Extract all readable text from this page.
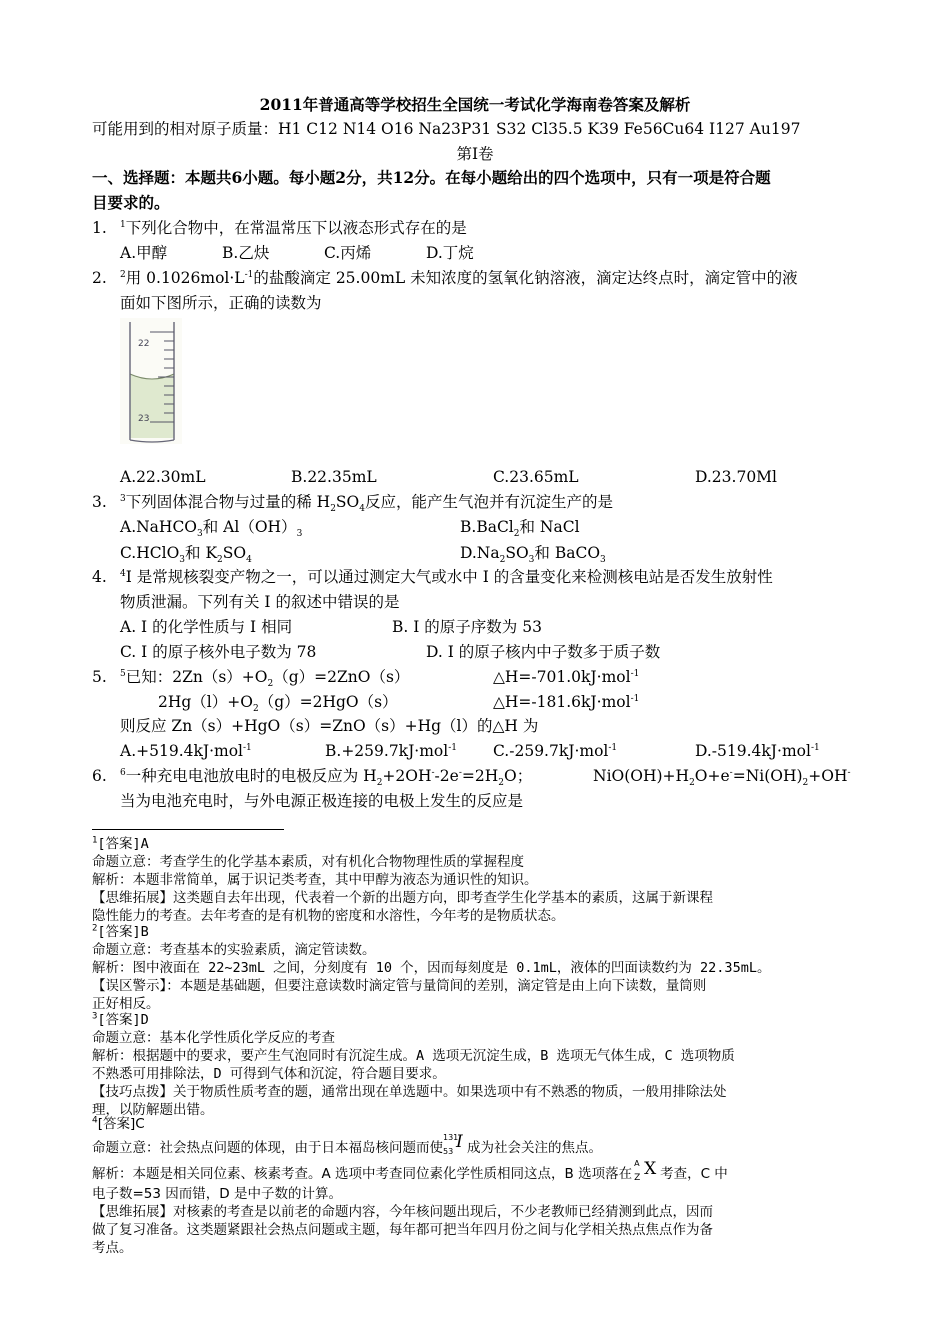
2011年普通高等学校招生全国统一考试化学海南卷答案及解析
可能用到的相对原子质量：H1 C12 N14 O16 Na23P31 S32 Cl35.5 K39 Fe56Cu64 I127 Au197
第I卷
一、选择题：本题共6小题。每小题2分，共12分。在每小题给出的四个选项中，只有一项是符合题
目要求的。
1. $^1$下列化合物中，在常温常压下以液态形式存在的是
A.甲醇	B.乙炔	C.丙烯	D.丁烷
2. $^2$用 $0.1026mol\cdot L^{-1}$的盐酸滴定 25.00mL 未知浓度的氢氧化钠溶液，滴定达终点时，滴定管中的液
面如下图所示，正确的读数为
22
23
A.22.30mL	B.22.35mL	C.23.65mL	D.23.70Ml
3. $^3$下列固体混合物与过量的稀 $H_2SO_4$反应，能产生气泡并有沉淀生产的是
A.NaHCO$_3$和 $Al(OH)_3$	B.BaCl$_2$和 NaCl
C.HClO$_3$和 $K_2SO_4$	$D.Na_2SO_3$和 BaCO$_3$
4. $^4$I 是常规核裂变产物之一，可以通过测定大气或水中 I 的含量变化来检测核电站是否发生放射性
物质泄漏。下列有关 I 的叙述中错误的是
A. I 的化学性质与 I 相同	B. I 的原子序数为 53
C. I 的原子核外电子数为 78	D. I 的原子核内中子数多于质子数
5. $^5$已知：$2Zn(s)+O_2(g)=2ZnO(s)$	△H=-701.0kJ·mol$^{-1}$
$2Hg(l)+O_2(g)=2HgO(s)$	△H=-181.6kJ·mol$^{-1}$
则反应 Zn（s）+HgO（s）=ZnO（s）+Hg（l）的△H 为
A.+519.4kJ·mol$^{-1}$	B.+259.7kJ·mol$^{-1}$ C.-259.7kJ·mol$^{-1}$	D.-519.4kJ·mol$^{-1}$
6. $^6$一种充电电池放电时的电极反应为 $H_2+2OH^--2e^-=2H_2O$；	$NiO(OH)+H_2O+e^-=Ni(OH)_2+OH^-$
当为电池充电时，与外电源正极连接的电极上发生的反应是
$^1$[答案]A
命题立意：考查学生的化学基本素质，对有机化合物物理性质的掌握程度
解析：本题非常简单，属于识记类考查，其中甲醇为液态为通识性的知识。
【思维拓展】这类题自去年出现，代表着一个新的出题方向，即考查学生化学基本的素质，这属于新课程
隐性能力的考查。去年考查的是有机物的密度和水溶性，今年考的是物质状态。
$^2$[答案]B
命题立意：考查基本的实验素质，滴定管读数。
解析：图中液面在 22~23mL 之间，分刻度有 10 个，因而每刻度是 0.1mL，液体的凹面读数约为 22.35mL。
【误区警示】：本题是基础题，但要注意读数时滴定管与量筒间的差别，滴定管是由上向下读数，量筒则
正好相反。
$^3$[答案]D
命题立意：基本化学性质化学反应的考查
解析：根据题中的要求，要产生气泡同时有沉淀生成。A 选项无沉淀生成，B 选项无气体生成，C 选项物质
不熟悉可用排除法，D 可得到气体和沉淀，符合题目要求。
【技巧点拨】关于物质性质考查的题，通常出现在单选题中。如果选项中有不熟悉的物质，一般用排除法处
理，以防解题出错。
$^4$[答案]C
命题立意：社会热点问题的体现，由于日本福岛核问题而使
131
53 I 成为社会关注的焦点。
解析：本题是相关同位素、核素考查。A 选项中考查同位素化学性质相同这点，B 选项落在
A
Z X 考查，C 中
电子数=53 因而错，D 是中子数的计算。
【思维拓展】对核素的考查是以前老的命题内容，今年核问题出现后，不少老教师已经猜测到此点，因而
做了复习准备。这类题紧跟社会热点问题或主题，每年都可把当年四月份之间与化学相关热点焦点作为备
考点。
